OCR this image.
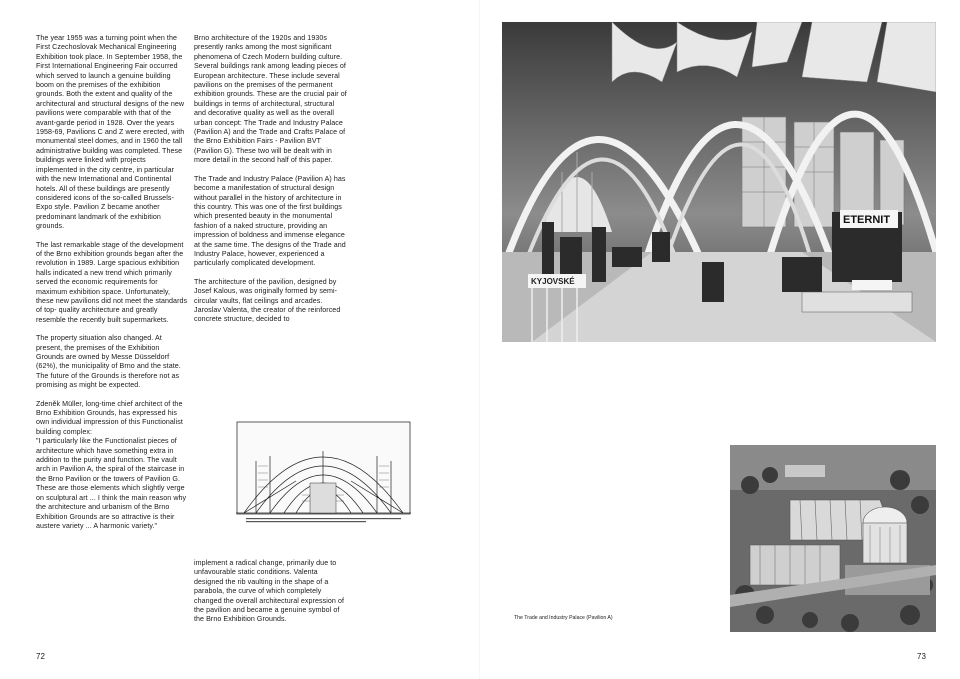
The year 1955 was a turning point when the First Czechoslovak Mechanical Engineering Exhibition took place. In September 1958, the First International Engineering Fair occurred which served to launch a genuine building boom on the premises of the exhibition grounds. Both the extent and quality of the architectural and structural designs of the new pavilions were comparable with that of the avant-garde period in 1928. Over the years 1958-69, Pavilions C and Z were erected, with monumental steel domes, and in 1960 the tall administrative building was completed. These buildings were linked with projects implemented in the city centre, in particular with the new International and Continental hotels. All of these buildings are presently considered icons of the so-called Brussels-Expo style. Pavilion Z became another predominant landmark of the exhibition grounds.

The last remarkable stage of the development of the Brno exhibition grounds began after the revolution in 1989. Large spacious exhibition halls indicated a new trend which primarily served the economic requirements for maximum exhibition space. Unfortunately, these new pavilions did not meet the standards of top- quality architecture and greatly resemble the recently built supermarkets.

The property situation also changed. At present, the premises of the Exhibition Grounds are owned by Messe Düsseldorf (62%), the municipality of Brno and the state. The future of the Grounds is therefore not as promising as might be expected.

Zdeněk Müller, long-time chief architect of the Brno Exhibition Grounds, has expressed his own individual impression of this Functionalist building complex:

"I particularly like the Functionalist pieces of architecture which have something extra in addition to the purity and function. The vault arch in Pavilion A, the spiral of the staircase in the Brno Pavilion or the towers of Pavilion G. These are those elements which slightly verge on sculptural art ... I think the main reason why the architecture and urbanism of the Brno Exhibition Grounds are so attractive is their austere variety ... A harmonic variety."

Brno architecture of the 1920s and 1930s presently ranks among the most significant phenomena of Czech Modern building culture. Several buildings rank among leading pieces of European architecture. These include several pavilions on the premises of the permanent exhibition grounds. These are the crucial pair of buildings in terms of architectural, structural and decorative quality as well as the overall urban concept: The Trade and Industry Palace (Pavilion A) and the Trade and Crafts Palace of the Brno Exhibition Fairs - Pavilion BVT (Pavilion G). These two will be dealt with in more detail in the second half of this paper.

The Trade and Industry Palace (Pavilion A) has become a manifestation of structural design without parallel in the history of architecture in this country. This was one of the first buildings which presented beauty in the monumental fashion of a naked structure, providing an impression of boldness and immense elegance at the same time. The designs of the Trade and Industry Palace, however, experienced a particularly complicated development.

The architecture of the pavilion, designed by Josef Kalous, was originally formed by semi-circular vaults, flat ceilings and arcades. Jaroslav Valenta, the creator of the reinforced concrete structure, decided to

implement a radical change, primarily due to unfavourable static conditions. Valenta designed the rib vaulting in the shape of a parabola, the curve of which completely changed the overall architectural expression of the pavilion and became a genuine symbol of the Brno Exhibition Grounds.

72
KYJOVSKÉ
ETERNIT
The Trade and Industry Palace (Pavilion A)
73
